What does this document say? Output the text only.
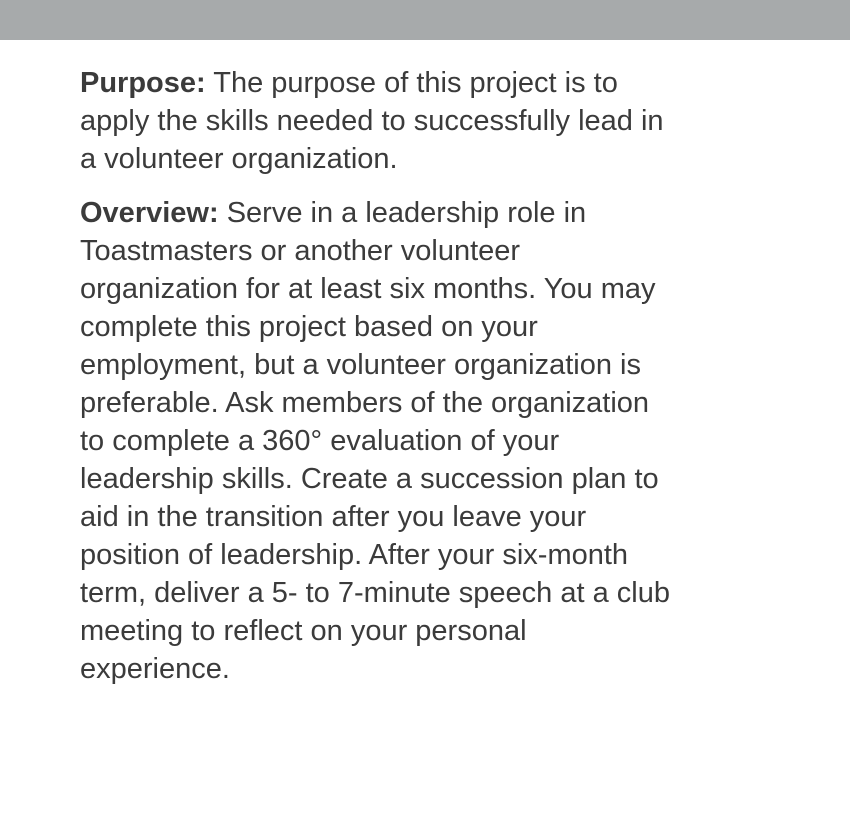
Purpose: The purpose of this project is to
apply the skills needed to successfully lead in
a volunteer organization.

Overview: Serve in a leadership role in
Toastmasters or another volunteer
organization for at least six months. You may
complete this project based on your
employment, but a volunteer organization is
preferable. Ask members of the organization
to complete a 360° evaluation of your
leadership skills. Create a succession plan to
aid in the transition after you leave your
position of leadership. After your six-month
term, deliver a 5- to 7-minute speech at a club
meeting to reflect on your personal
experience.
